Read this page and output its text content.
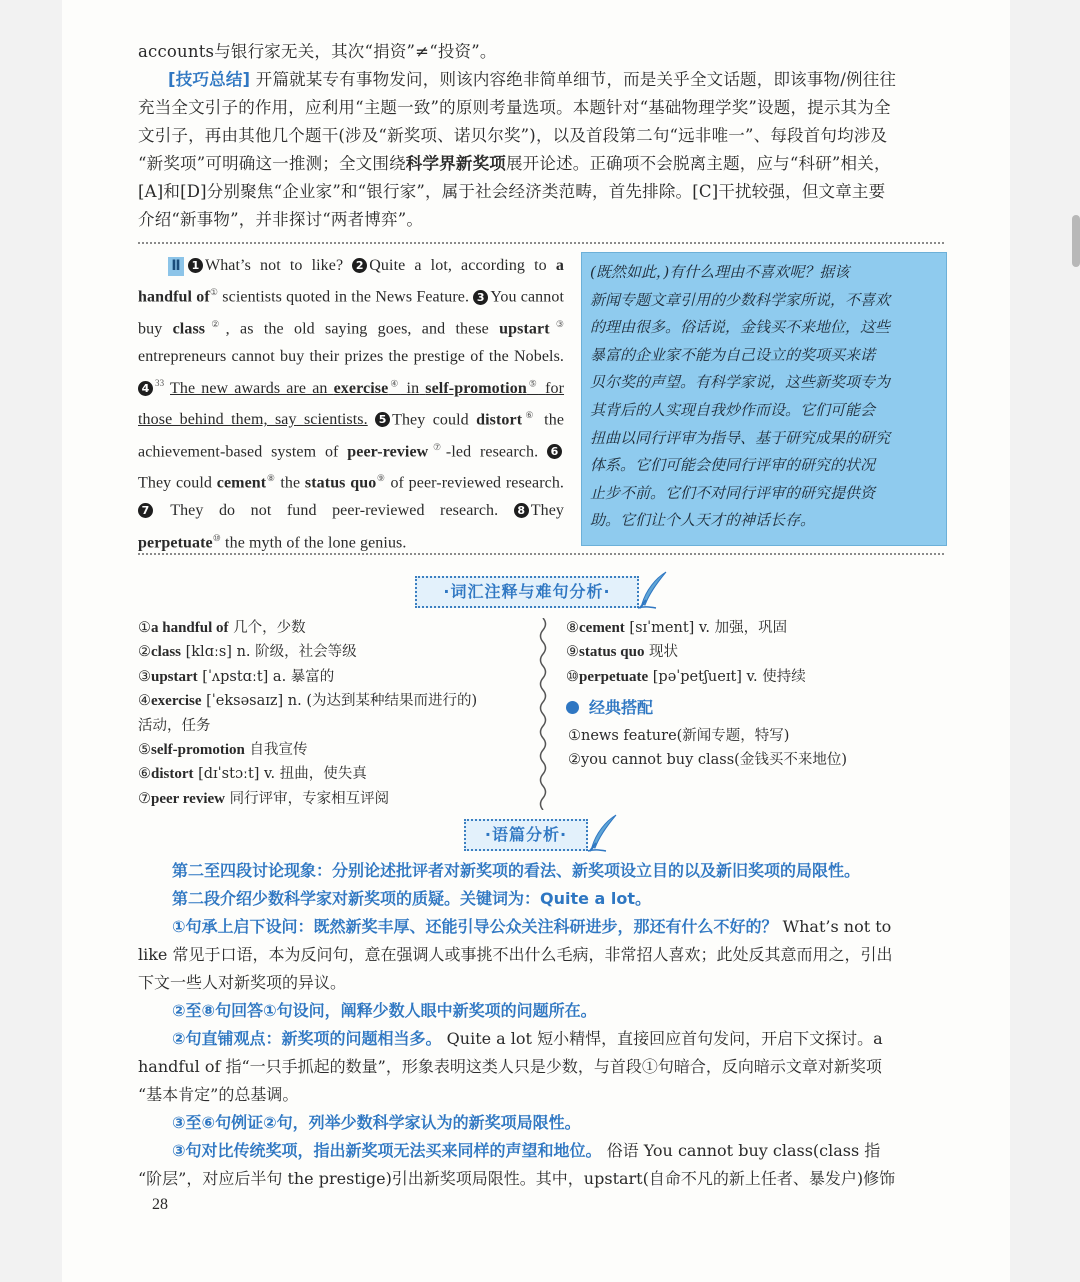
accounts与银行家无关，其次“捐资”≠“投资”。
[技巧总结] 开篇就某专有事物发问，则该内容绝非简单细节，而是关乎全文话题，即该事物/例往往
充当全文引子的作用，应利用“主题一致”的原则考量选项。本题针对“基础物理学奖”设题，提示其为全
文引子，再由其他几个题干(涉及“新奖项、诺贝尔奖”)，以及首段第二句“远非唯一”、每段首句均涉及
“新奖项”可明确这一推测；全文围绕科学界新奖项展开论述。正确项不会脱离主题，应与“科研”相关，
[A]和[D]分别聚焦“企业家”和“银行家”，属于社会经济类范畴，首先排除。[C]干扰较强，但文章主要
介绍“新事物”，并非探讨“两者博弈”。
Ⅱ 1 What’s not to like? 2 Quite a lot, according to a handful of① scientists quoted in the News Feature. 3 You cannot buy class②, as the old saying goes, and these upstart③ entrepreneurs cannot buy their prizes the prestige of the Nobels. 4 $^{33}$ The new awards are an exercise④ in self-promotion⑤ for those behind them, say scientists. 5 They could distort⑥ the achievement-based system of peer-review⑦-led research. 6They could cement⑧ the status quo⑨ of peer-reviewed research. 7 They do not fund peer-reviewed research. 8 They perpetuate⑩ the myth of the lone genius.
(既然如此，)有什么理由不喜欢呢？据该
新闻专题文章引用的少数科学家所说，不喜欢
的理由很多。俗话说，金钱买不来地位，这些
暴富的企业家不能为自己设立的奖项买来诺
贝尔奖的声望。有科学家说，这些新奖项专为
其背后的人实现自我炒作而设。它们可能会
扭曲以同行评审为指导、基于研究成果的研究
体系。它们可能会使同行评审的研究的状况
止步不前。它们不对同行评审的研究提供资
助。它们让个人天才的神话长存。
·词汇注释与难句分析·
①a handful of 几个，少数
②class [klɑːs] n. 阶级，社会等级
③upstart [ˈʌpstɑːt] a. 暴富的
④exercise [ˈeksəsaɪz] n. (为达到某种结果而进行的)
活动，任务
⑤self-promotion 自我宣传
⑥distort [dɪˈstɔːt] v. 扭曲，使失真
⑦peer review 同行评审，专家相互评阅
⑧cement [sɪˈment] v. 加强，巩固
⑨status quo 现状
⑩perpetuate [pəˈpetʃueɪt] v. 使持续
经典搭配
①news feature(新闻专题，特写)
②you cannot buy class(金钱买不来地位)
·语篇分析·
第二至四段讨论现象：分别论述批评者对新奖项的看法、新奖项设立目的以及新旧奖项的局限性。
第二段介绍少数科学家对新奖项的质疑。关键词为：Quite a lot。
①句承上启下设问：既然新奖丰厚、还能引导公众关注科研进步，那还有什么不好的？ What’s not to
like 常见于口语，本为反问句，意在强调人或事挑不出什么毛病，非常招人喜欢；此处反其意而用之，引出
下文一些人对新奖项的异议。
②至⑧句回答①句设问，阐释少数人眼中新奖项的问题所在。
②句直铺观点：新奖项的问题相当多。 Quite a lot 短小精悍，直接回应首句发问，开启下文探讨。a
handful of 指“一只手抓起的数量”，形象表明这类人只是少数，与首段①句暗合，反向暗示文章对新奖项
“基本肯定”的总基调。
③至⑥句例证②句，列举少数科学家认为的新奖项局限性。
③句对比传统奖项，指出新奖项无法买来同样的声望和地位。 俗语 You cannot buy class(class 指
“阶层”，对应后半句 the prestige)引出新奖项局限性。其中，upstart(自命不凡的新上任者、暴发户)修饰
28
